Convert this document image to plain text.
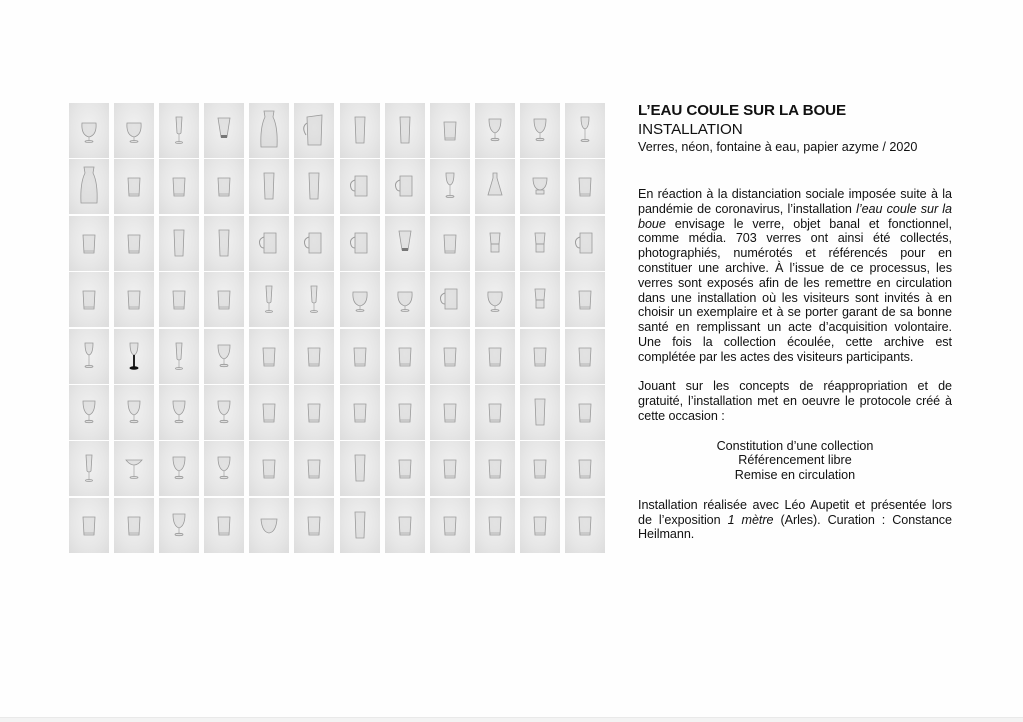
L’EAU COULE SUR LA BOUE
INSTALLATION
Verres, néon, fontaine à eau, papier azyme / 2020

En réaction à la distanciation sociale imposée suite à la pandémie de coronavirus, l’installation l’eau coule sur la boue envisage le verre, objet banal et fonctionnel, comme média. 703 verres ont ainsi été collectés, photographiés, numérotés et référencés pour en constituer une archive. À l’issue de ce processus, les verres sont exposés afin de les remettre en circulation dans une installation où les visiteurs sont invités à en choisir un exemplaire et à se porter garant de sa bonne santé en remplissant un acte d’acquisition volontaire. Une fois la collection écoulée, cette archive est complétée par les actes des visiteurs participants.

Jouant sur les concepts de réappropriation et de gratuité, l’installation met en oeuvre le protocole créé à cette occasion :

Constitution d’une collection
Référencement libre
Remise en circulation

Installation réalisée avec Léo Aupetit et présentée lors de l’exposition 1 mètre (Arles). Curation : Constance Heilmann.
